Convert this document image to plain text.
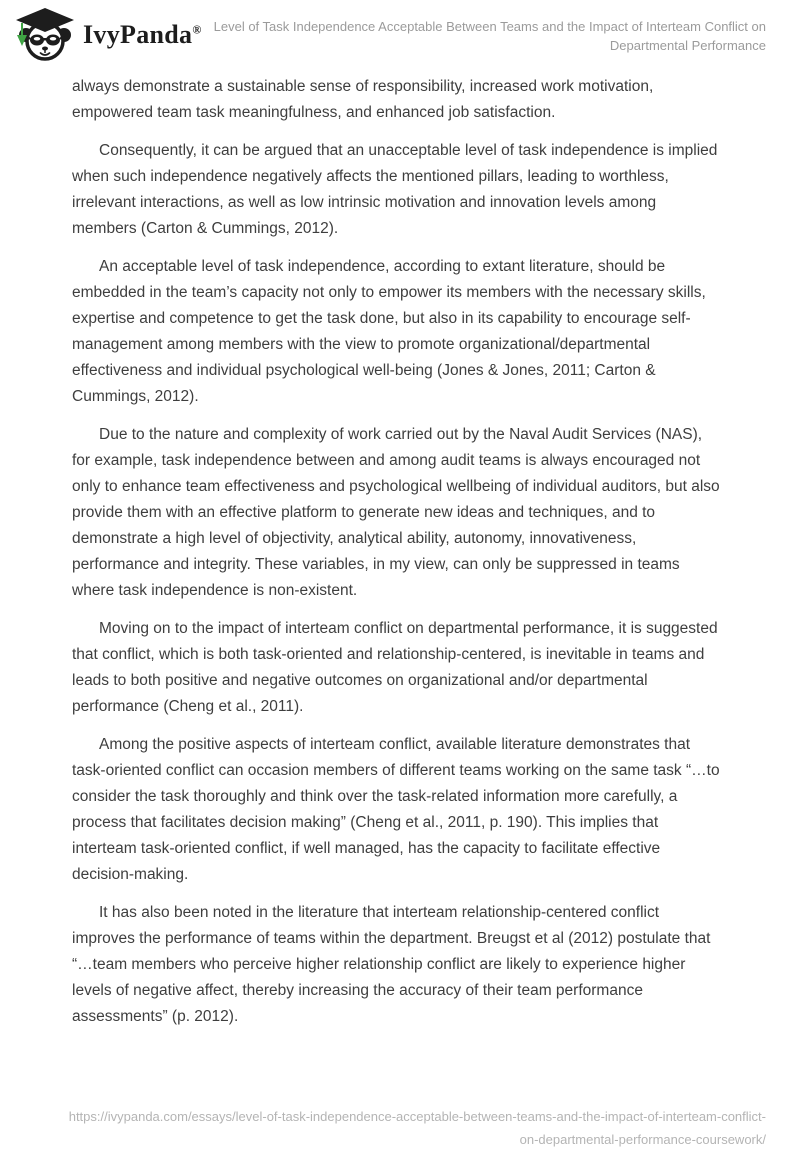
IvyPanda® Level of Task Independence Acceptable Between Teams and the Impact of Interteam Conflict on Departmental Performance

always demonstrate a sustainable sense of responsibility, increased work motivation, empowered team task meaningfulness, and enhanced job satisfaction.

Consequently, it can be argued that an unacceptable level of task independence is implied when such independence negatively affects the mentioned pillars, leading to worthless, irrelevant interactions, as well as low intrinsic motivation and innovation levels among members (Carton & Cummings, 2012).

An acceptable level of task independence, according to extant literature, should be embedded in the team’s capacity not only to empower its members with the necessary skills, expertise and competence to get the task done, but also in its capability to encourage self-management among members with the view to promote organizational/departmental effectiveness and individual psychological well-being (Jones & Jones, 2011; Carton & Cummings, 2012).

Due to the nature and complexity of work carried out by the Naval Audit Services (NAS), for example, task independence between and among audit teams is always encouraged not only to enhance team effectiveness and psychological wellbeing of individual auditors, but also provide them with an effective platform to generate new ideas and techniques, and to demonstrate a high level of objectivity, analytical ability, autonomy, innovativeness, performance and integrity. These variables, in my view, can only be suppressed in teams where task independence is non-existent.

Moving on to the impact of interteam conflict on departmental performance, it is suggested that conflict, which is both task-oriented and relationship-centered, is inevitable in teams and leads to both positive and negative outcomes on organizational and/or departmental performance (Cheng et al., 2011).

Among the positive aspects of interteam conflict, available literature demonstrates that task-oriented conflict can occasion members of different teams working on the same task “…to consider the task thoroughly and think over the task-related information more carefully, a process that facilitates decision making” (Cheng et al., 2011, p. 190). This implies that interteam task-oriented conflict, if well managed, has the capacity to facilitate effective decision-making.

It has also been noted in the literature that interteam relationship-centered conflict improves the performance of teams within the department. Breugst et al (2012) postulate that “…team members who perceive higher relationship conflict are likely to experience higher levels of negative affect, thereby increasing the accuracy of their team performance assessments” (p. 2012).

https://ivypanda.com/essays/level-of-task-independence-acceptable-between-teams-and-the-impact-of-interteam-conflict-on-departmental-performance-coursework/
